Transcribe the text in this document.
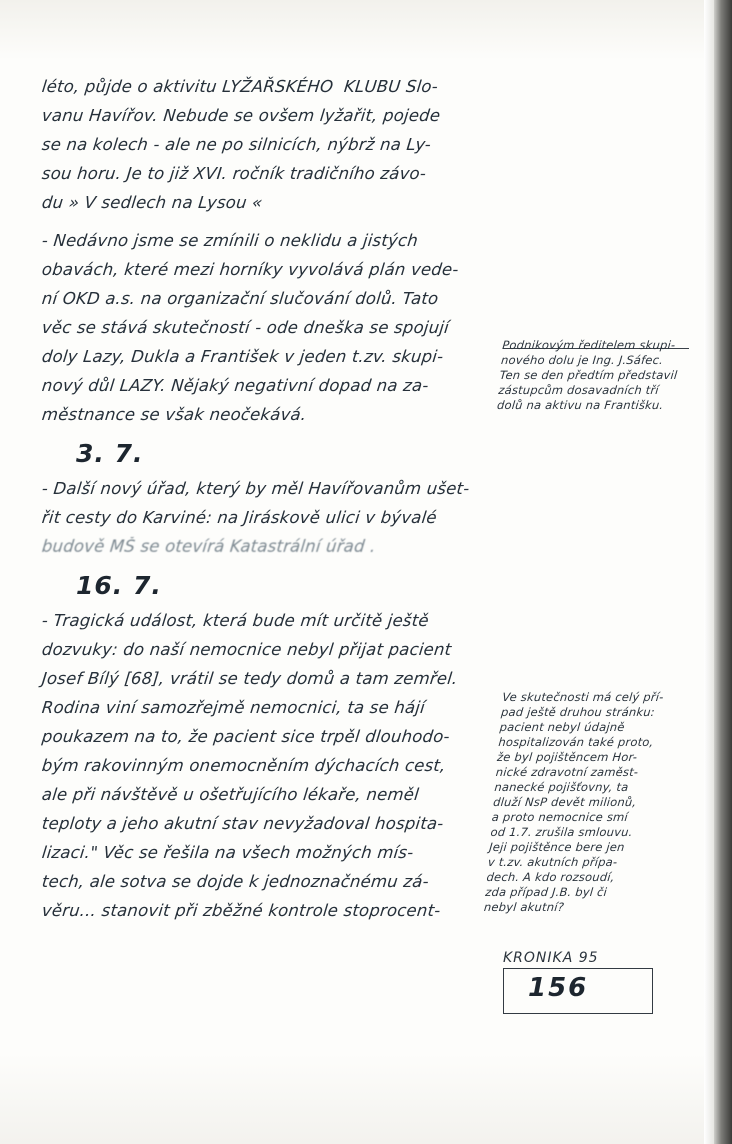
léto, půjde o aktivitu LYŽAŘSKÉHO  KLUBU Slo-
vanu Havířov. Nebude se ovšem lyžařit, pojede
se na kolech - ale ne po silnicích, nýbrž na Ly-
sou horu. Je to již XVI. ročník tradičního závo-
du » V sedlech na Lysou «
- Nedávno jsme se zmínili o neklidu a jistých
obavách, které mezi horníky vyvolává plán vede-
ní OKD a.s. na organizační slučování dolů. Tato
věc se stává skutečností - ode dneška se spojují
doly Lazy, Dukla a František v jeden t.zv. skupi-
nový důl LAZY. Nějaký negativní dopad na za-
městnance se však neočekává.
3. 7.
- Další nový úřad, který by měl Havířovanům ušet-
řit cesty do Karviné: na Jiráskově ulici v bývalé
budově MŠ se otevírá Katastrální úřad .
16. 7.
- Tragická událost, která bude mít určitě ještě
dozvuky: do naší nemocnice nebyl přijat pacient
Josef Bílý [68], vrátil se tedy domů a tam zemřel.
Rodina viní samozřejmě nemocnici, ta se hájí
poukazem na to, že pacient sice trpěl dlouhodo-
bým rakovinným onemocněním dýchacích cest,
ale při návštěvě u ošetřujícího lékaře, neměl
teploty a jeho akutní stav nevyžadoval hospita-
lizaci." Věc se řešila na všech možných mís-
tech, ale sotva se dojde k jednoznačnému zá-
věru... stanovit při zběžné kontrole stoprocent-
Podnikovým ředitelem skupi-
nového dolu je Ing. J.Sáfec.
Ten se den předtím představil
zástupcům dosavadních tří
dolů na aktivu na Františku.
Ve skutečnosti má celý pří-
pad ještě druhou stránku:
pacient nebyl údajně
hospitalizován také proto,
že byl pojištěncem Hor-
nické zdravotní zaměst-
nanecké pojišťovny, ta
dluží NsP devět milionů,
a proto nemocnice smí
od 1.7. zrušila smlouvu.
Jeji pojištěnce bere jen
v t.zv. akutních přípa-
dech. A kdo rozsoudí,
zda případ J.B. byl či
nebyl akutní?
KRONIKA 95
156
